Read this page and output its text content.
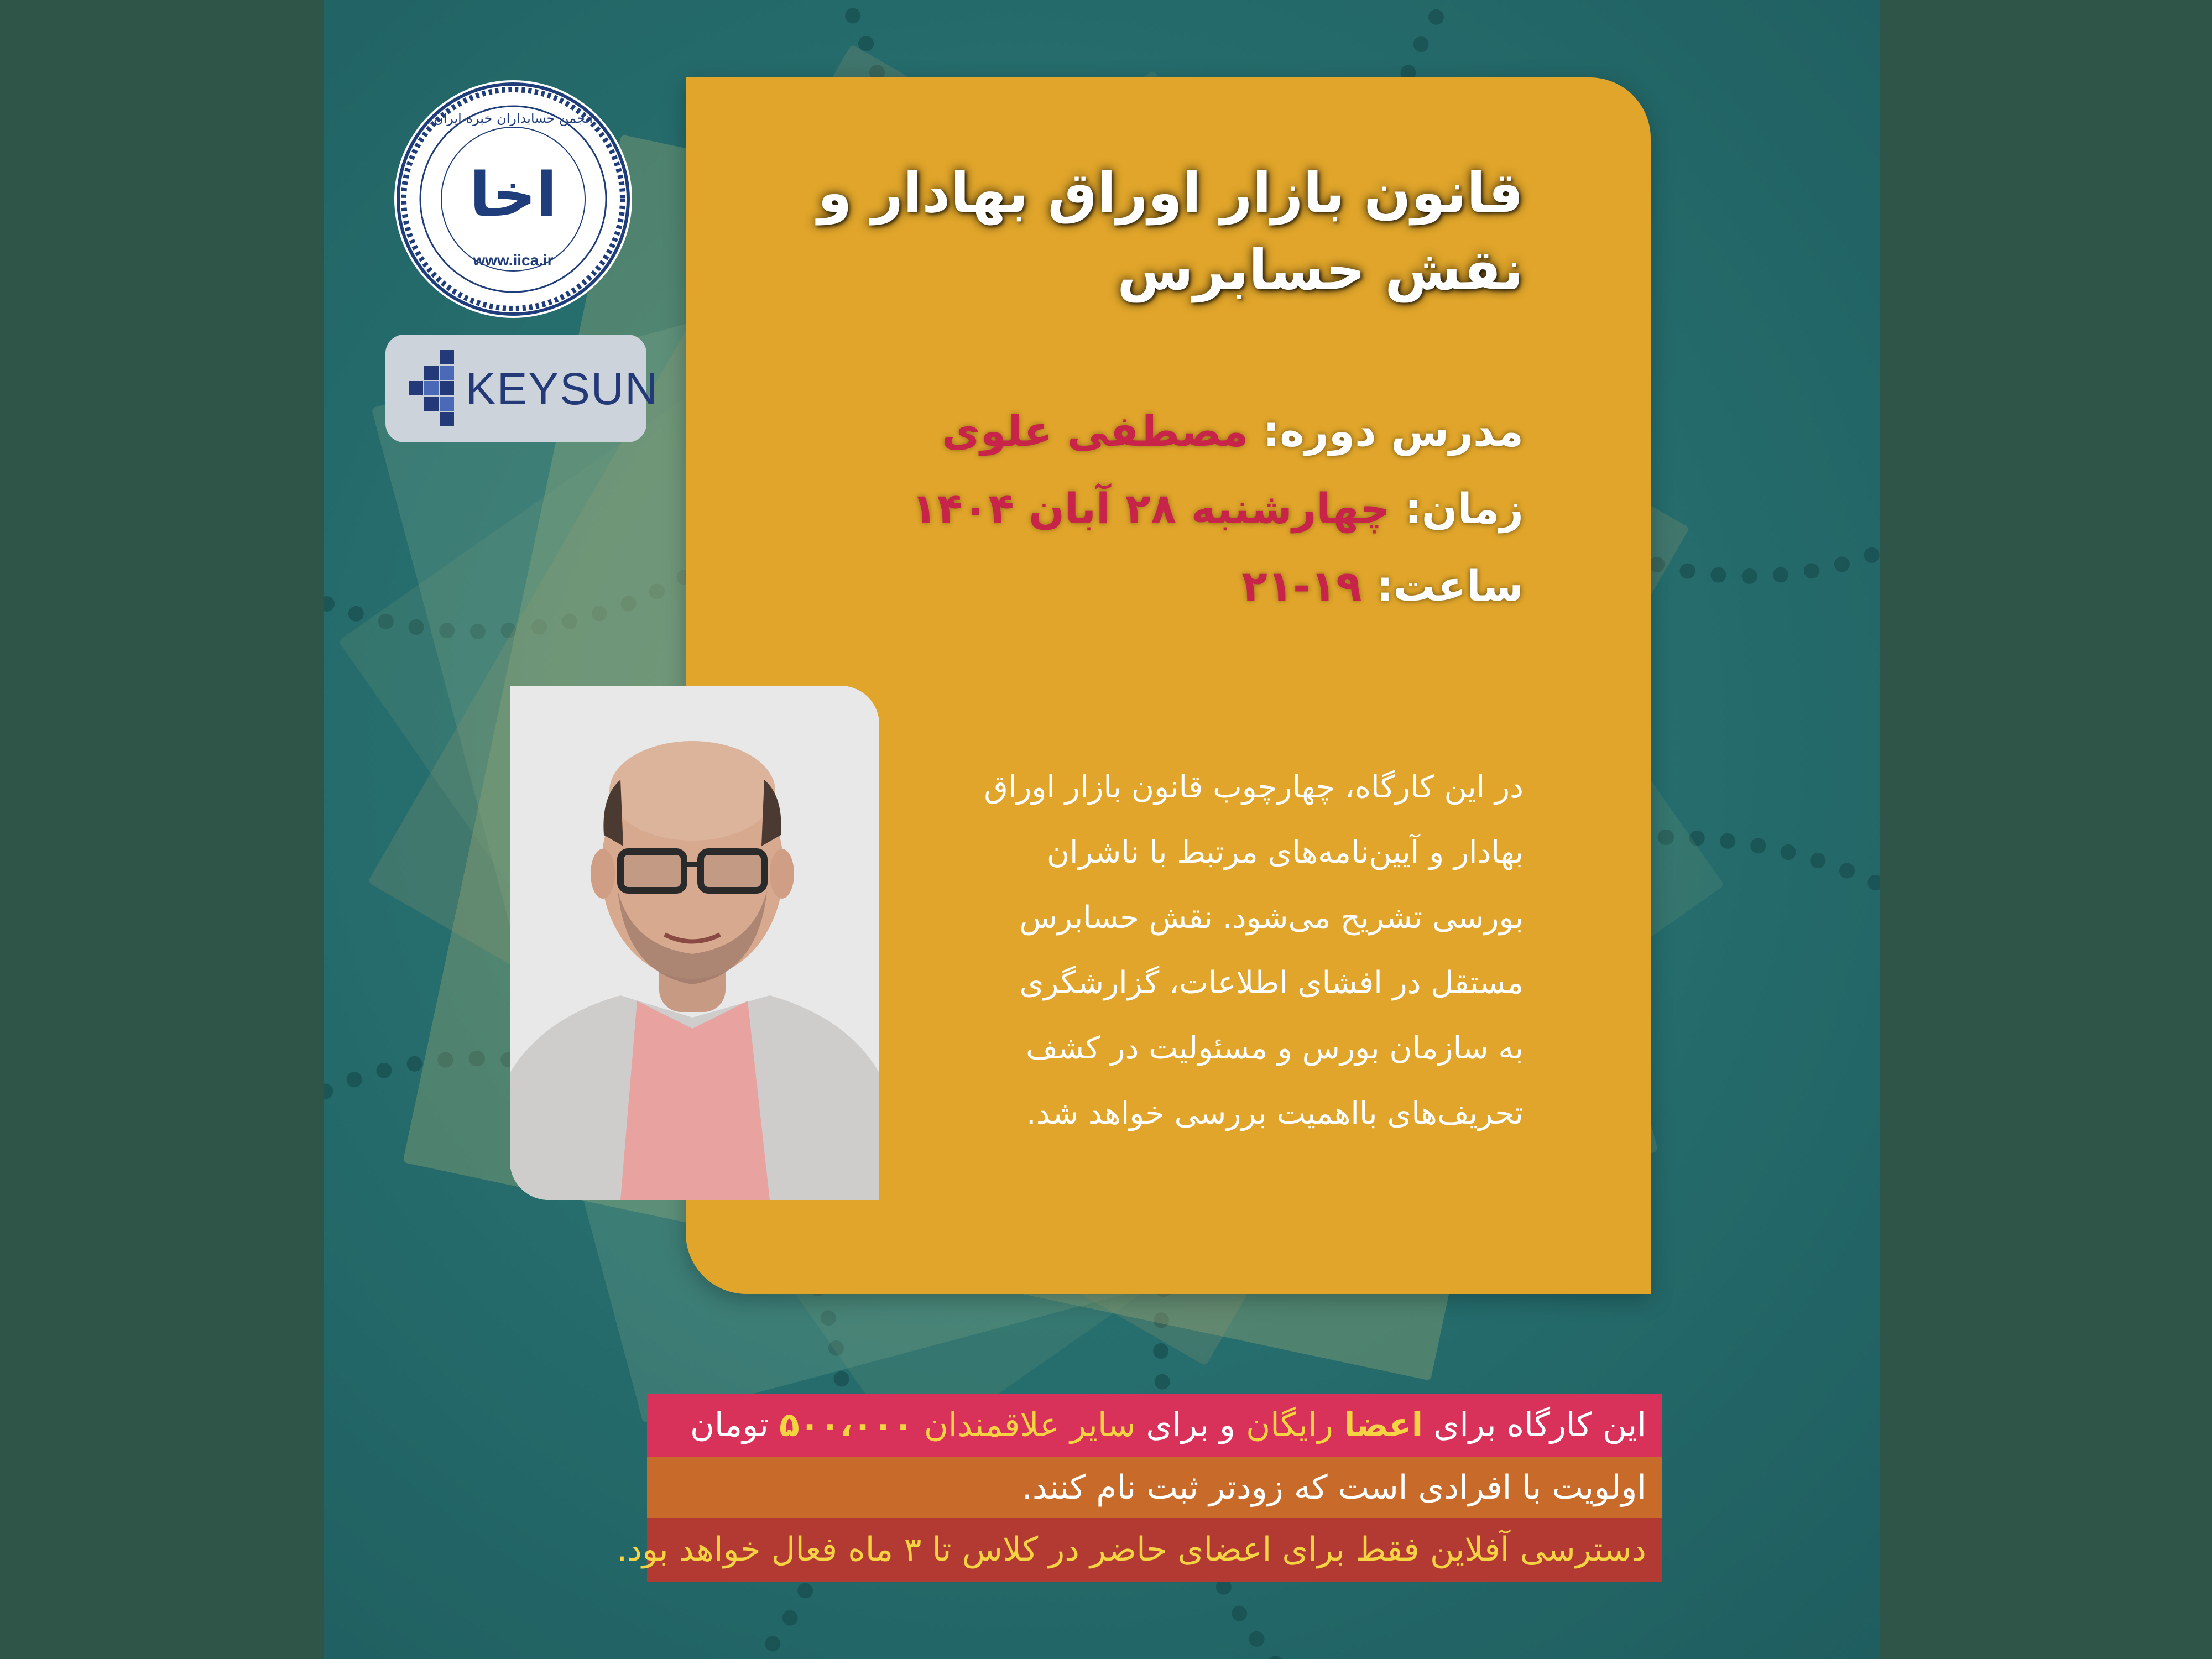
انجمن حسابداران خبره ایران
اخا
www.iica.ir
KEYSUN
قانون بازار اوراق بهادار و
نقش حسابرس
مدرس دوره: مصطفی علوی
زمان: چهارشنبه ۲۸ آبان ۱۴۰۴
ساعت: ۱۹-۲۱
در این کارگاه، چهارچوب قانون بازار اوراق
بهادار و آیین‌نامه‌های مرتبط با ناشران
بورسی تشریح می‌شود. نقش حسابرس
مستقل در افشای اطلاعات، گزارشگری
به سازمان بورس و مسئولیت در کشف
تحریف‌های بااهمیت بررسی خواهد شد.
این کارگاه برای اعضا رایگان و برای سایر علاقمندان ۵۰۰،۰۰۰ تومان
اولویت با افرادی است که زودتر ثبت نام کنند.
دسترسی آفلاین فقط برای اعضای حاضر در کلاس تا ۳ ماه فعال خواهد بود.
